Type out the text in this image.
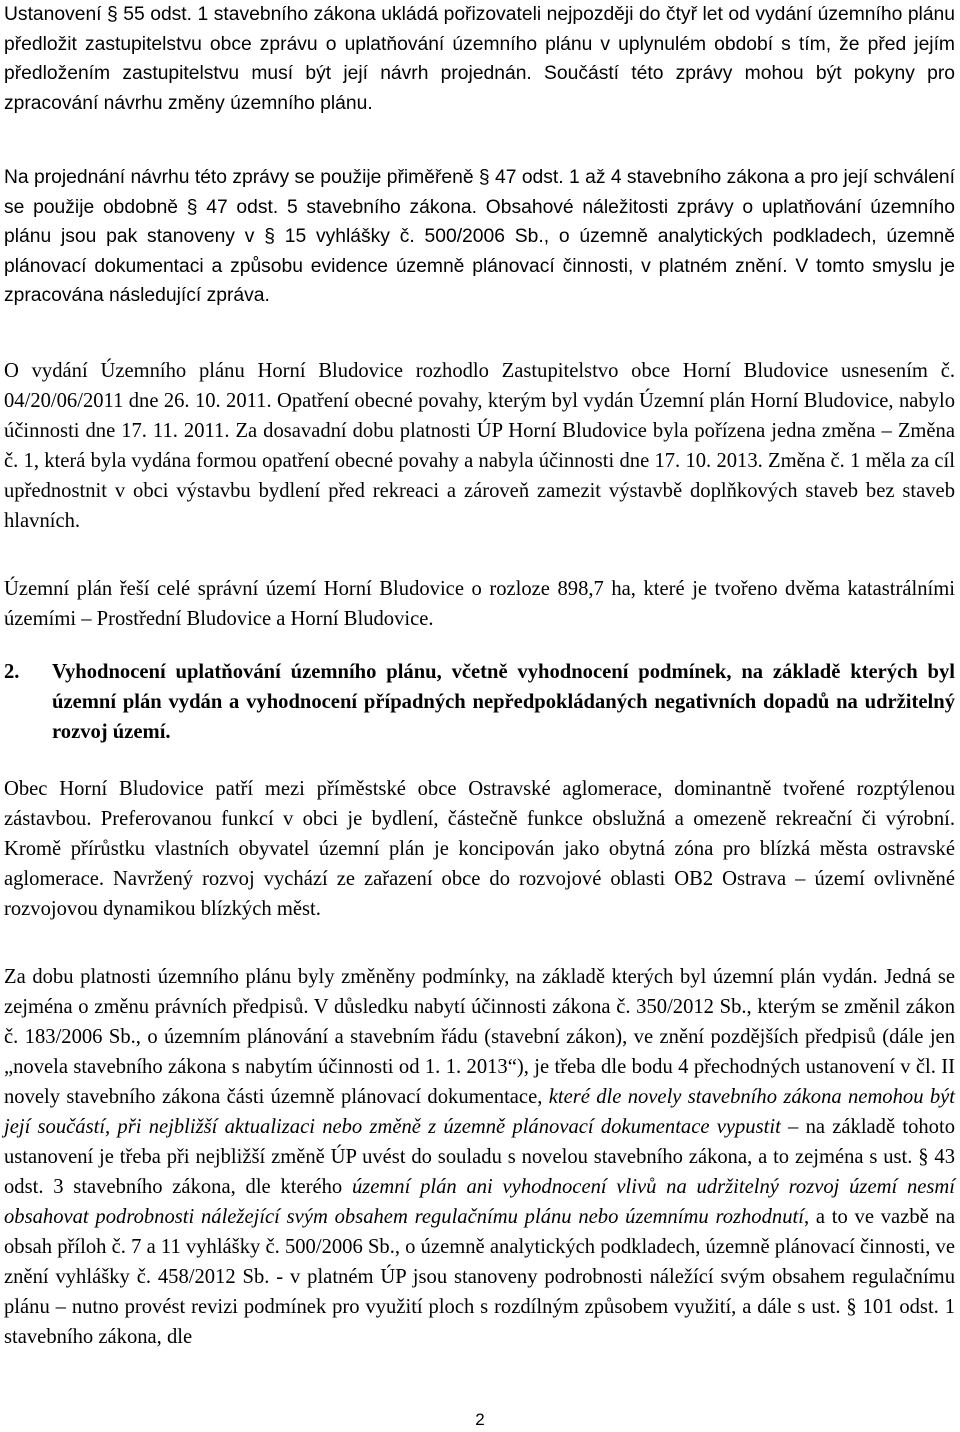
Ustanovení § 55 odst. 1 stavebního zákona ukládá pořizovateli nejpozději do čtyř let od vydání územního plánu předložit zastupitelstvu obce zprávu o uplatňování územního plánu v uplynulém období s tím, že před jejím předložením zastupitelstvu musí být její návrh projednán. Součástí této zprávy mohou být pokyny pro zpracování návrhu změny územního plánu.

Na projednání návrhu této zprávy se použije přiměřeně § 47 odst. 1 až 4 stavebního zákona a pro její schválení se použije obdobně § 47 odst. 5 stavebního zákona. Obsahové náležitosti zprávy o uplatňování územního plánu jsou pak stanoveny v § 15 vyhlášky č. 500/2006 Sb., o územně analytických podkladech, územně plánovací dokumentaci a způsobu evidence územně plánovací činnosti, v platném znění. V tomto smyslu je zpracována následující zpráva.

O vydání Územního plánu Horní Bludovice rozhodlo Zastupitelstvo obce Horní Bludovice usnesením č. 04/20/06/2011 dne 26. 10. 2011. Opatření obecné povahy, kterým byl vydán Územní plán Horní Bludovice, nabylo účinnosti dne 17. 11. 2011. Za dosavadní dobu platnosti ÚP Horní Bludovice byla pořízena jedna změna – Změna č. 1, která byla vydána formou opatření obecné povahy a nabyla účinnosti dne 17. 10. 2013. Změna č. 1 měla za cíl upřednostnit v obci výstavbu bydlení před rekreaci a zároveň zamezit výstavbě doplňkových staveb bez staveb hlavních.

Územní plán řeší celé správní území Horní Bludovice o rozloze 898,7 ha, které je tvořeno dvěma katastrálními územími – Prostřední Bludovice a Horní Bludovice.

2.	Vyhodnocení uplatňování územního plánu, včetně vyhodnocení podmínek, na základě kterých byl územní plán vydán a vyhodnocení případných nepředpokládaných negativních dopadů na udržitelný rozvoj území.

Obec Horní Bludovice patří mezi příměstské obce Ostravské aglomerace, dominantně tvořené rozptýlenou zástavbou. Preferovanou funkcí v obci je bydlení, částečně funkce obslužná a omezeně rekreační či výrobní. Kromě přírůstku vlastních obyvatel územní plán je koncipován jako obytná zóna pro blízká města ostravské aglomerace. Navržený rozvoj vychází ze zařazení obce do rozvojové oblasti OB2 Ostrava – území ovlivněné rozvojovou dynamikou blízkých měst.

Za dobu platnosti územního plánu byly změněny podmínky, na základě kterých byl územní plán vydán. Jedná se zejména o změnu právních předpisů. V důsledku nabytí účinnosti zákona č. 350/2012 Sb., kterým se změnil zákon č. 183/2006 Sb., o územním plánování a stavebním řádu (stavební zákon), ve znění pozdějších předpisů (dále jen „novela stavebního zákona s nabytím účinnosti od 1. 1. 2013“), je třeba dle bodu 4 přechodných ustanovení v čl. II novely stavebního zákona části územně plánovací dokumentace, které dle novely stavebního zákona nemohou být její součástí, při nejbližší aktualizaci nebo změně z územně plánovací dokumentace vypustit – na základě tohoto ustanovení je třeba při nejbližší změně ÚP uvést do souladu s novelou stavebního zákona, a to zejména s ust. § 43 odst. 3 stavebního zákona, dle kterého územní plán ani vyhodnocení vlivů na udržitelný rozvoj území nesmí obsahovat podrobnosti náležející svým obsahem regulačnímu plánu nebo územnímu rozhodnutí, a to ve vazbě na obsah příloh č. 7 a 11 vyhlášky č. 500/2006 Sb., o územně analytických podkladech, územně plánovací činnosti, ve znění vyhlášky č. 458/2012 Sb. - v platném ÚP jsou stanoveny podrobnosti náležící svým obsahem regulačnímu plánu – nutno provést revizi podmínek pro využití ploch s rozdílným způsobem využití, a dále s ust. § 101 odst. 1 stavebního zákona, dle

2
